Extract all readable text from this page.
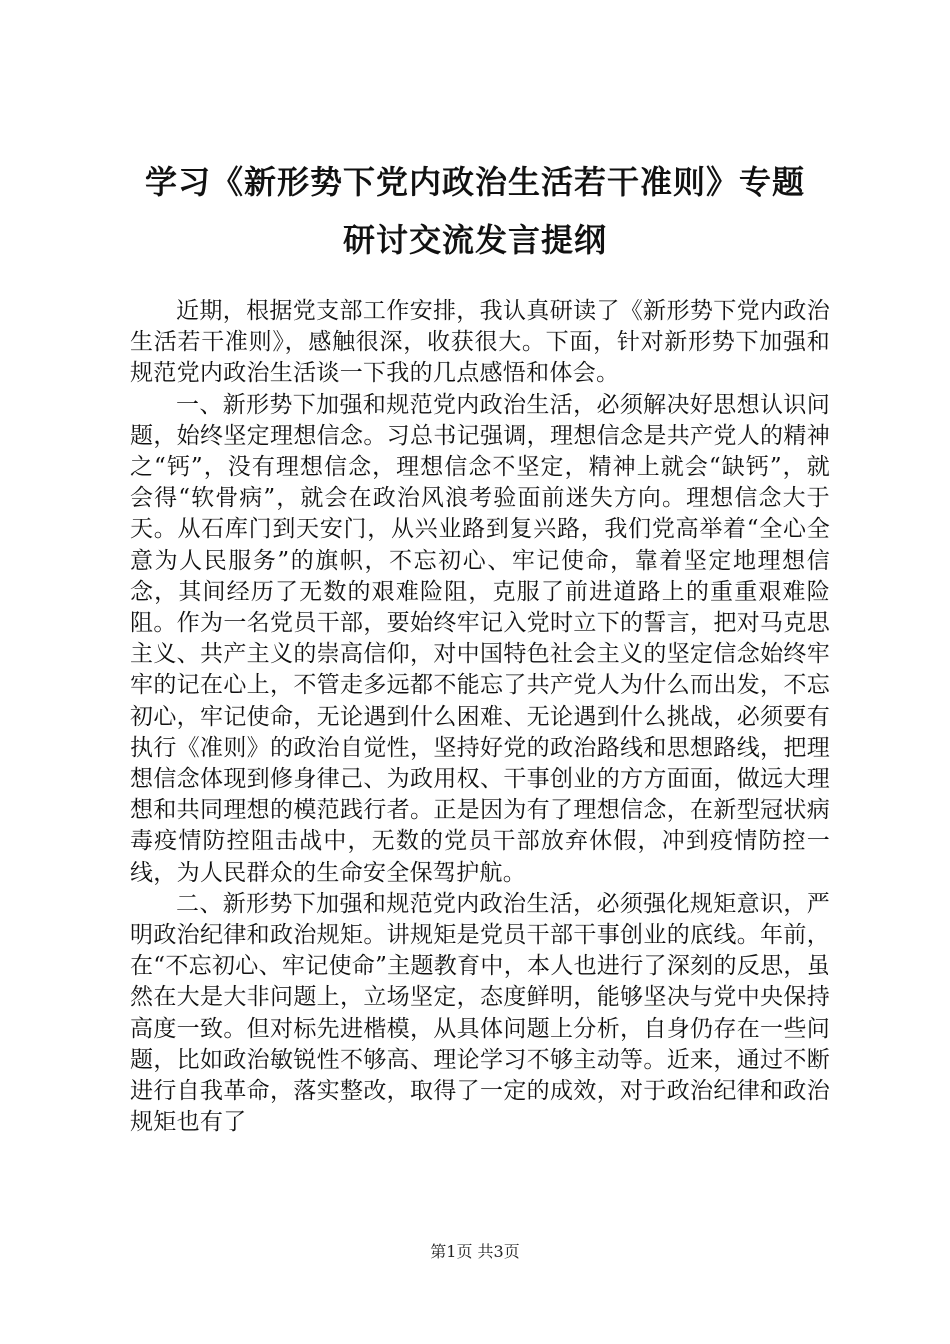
学习《新形势下党内政治生活若干准则》专题
研讨交流发言提纲

近期，根据党支部工作安排，我认真研读了《新形势下党内政治生活若干准则》，感触很深，收获很大。下面，针对新形势下加强和规范党内政治生活谈一下我的几点感悟和体会。

一、新形势下加强和规范党内政治生活，必须解决好思想认识问题，始终坚定理想信念。习总书记强调，理想信念是共产党人的精神之“钙”，没有理想信念，理想信念不坚定，精神上就会“缺钙”，就会得“软骨病”，就会在政治风浪考验面前迷失方向。理想信念大于天。从石库门到天安门，从兴业路到复兴路，我们党高举着“全心全意为人民服务”的旗帜，不忘初心、牢记使命，靠着坚定地理想信念，其间经历了无数的艰难险阻，克服了前进道路上的重重艰难险阻。作为一名党员干部，要始终牢记入党时立下的誓言，把对马克思主义、共产主义的崇高信仰，对中国特色社会主义的坚定信念始终牢牢的记在心上，不管走多远都不能忘了共产党人为什么而出发，不忘初心，牢记使命，无论遇到什么困难、无论遇到什么挑战，必须要有执行《准则》的政治自觉性，坚持好党的政治路线和思想路线，把理想信念体现到修身律己、为政用权、干事创业的方方面面，做远大理想和共同理想的模范践行者。正是因为有了理想信念，在新型冠状病毒疫情防控阻击战中，无数的党员干部放弃休假，冲到疫情防控一线，为人民群众的生命安全保驾护航。

二、新形势下加强和规范党内政治生活，必须强化规矩意识，严明政治纪律和政治规矩。讲规矩是党员干部干事创业的底线。年前，在“不忘初心、牢记使命”主题教育中，本人也进行了深刻的反思，虽然在大是大非问题上，立场坚定，态度鲜明，能够坚决与党中央保持高度一致。但对标先进楷模，从具体问题上分析，自身仍存在一些问题，比如政治敏锐性不够高、理论学习不够主动等。近来，通过不断进行自我革命，落实整改，取得了一定的成效，对于政治纪律和政治规矩也有了

第1页 共3页
